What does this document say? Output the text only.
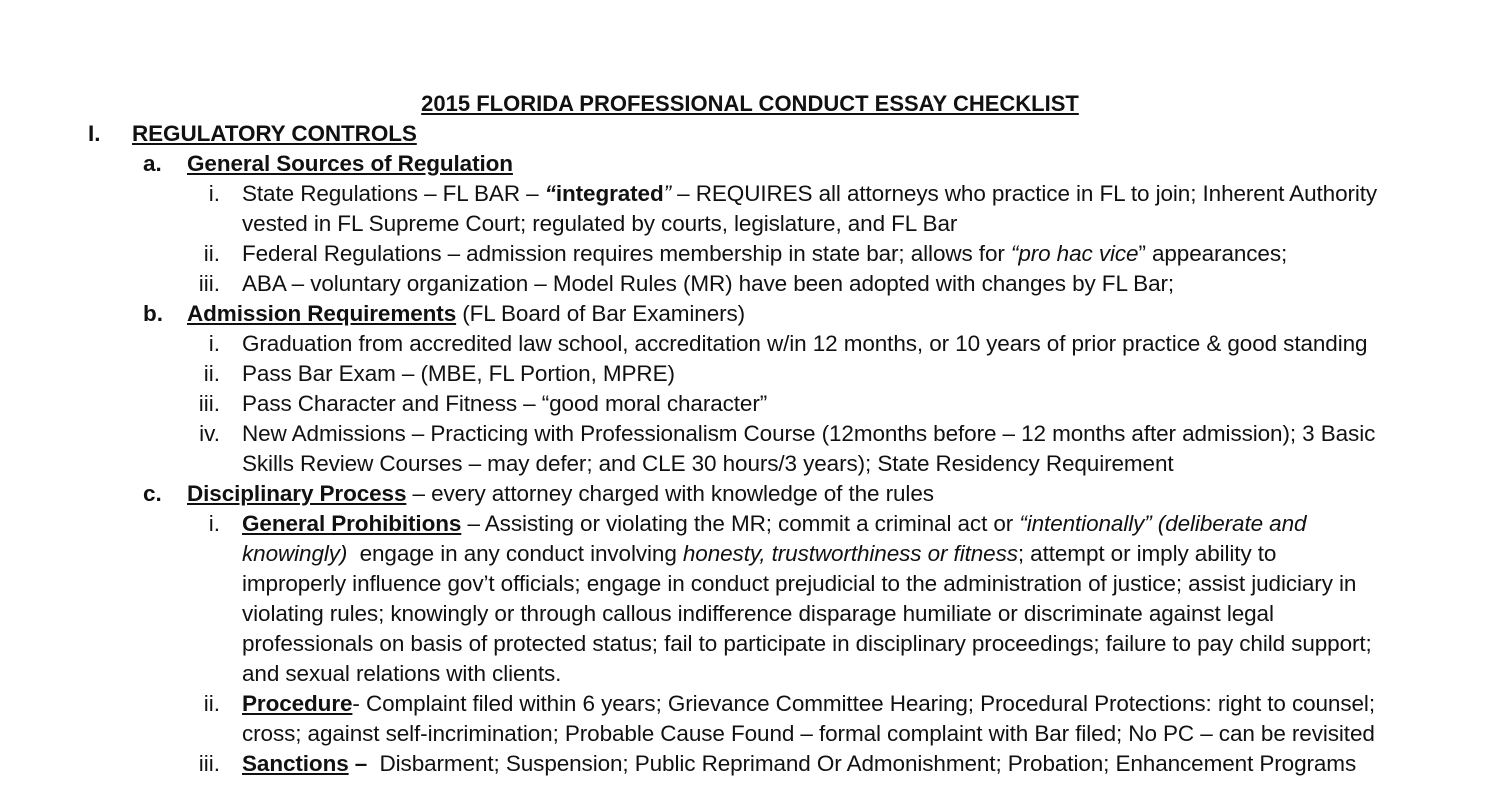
2015 FLORIDA PROFESSIONAL CONDUCT ESSAY CHECKLIST
I. REGULATORY CONTROLS
a. General Sources of Regulation
i. State Regulations – FL BAR – “integrated” – REQUIRES all attorneys who practice in FL to join; Inherent Authority
vested in FL Supreme Court; regulated by courts, legislature, and FL Bar
ii. Federal Regulations – admission requires membership in state bar; allows for “pro hac vice” appearances;
iii. ABA – voluntary organization – Model Rules (MR) have been adopted with changes by FL Bar;
b. Admission Requirements (FL Board of Bar Examiners)
i. Graduation from accredited law school, accreditation w/in 12 months, or 10 years of prior practice & good standing
ii. Pass Bar Exam – (MBE, FL Portion, MPRE)
iii. Pass Character and Fitness – “good moral character”
iv. New Admissions – Practicing with Professionalism Course (12months before – 12 months after admission); 3 Basic
Skills Review Courses – may defer; and CLE 30 hours/3 years); State Residency Requirement
c. Disciplinary Process – every attorney charged with knowledge of the rules
i. General Prohibitions – Assisting or violating the MR; commit a criminal act or “intentionally” (deliberate and
knowingly)  engage in any conduct involving honesty, trustworthiness or fitness; attempt or imply ability to
improperly influence gov’t officials; engage in conduct prejudicial to the administration of justice; assist judiciary in
violating rules; knowingly or through callous indifference disparage humiliate or discriminate against legal
professionals on basis of protected status; fail to participate in disciplinary proceedings; failure to pay child support;
and sexual relations with clients.
ii. Procedure- Complaint filed within 6 years; Grievance Committee Hearing; Procedural Protections: right to counsel;
cross; against self-incrimination; Probable Cause Found – formal complaint with Bar filed; No PC – can be revisited
iii. Sanctions –  Disbarment; Suspension; Public Reprimand Or Admonishment; Probation; Enhancement Programs
